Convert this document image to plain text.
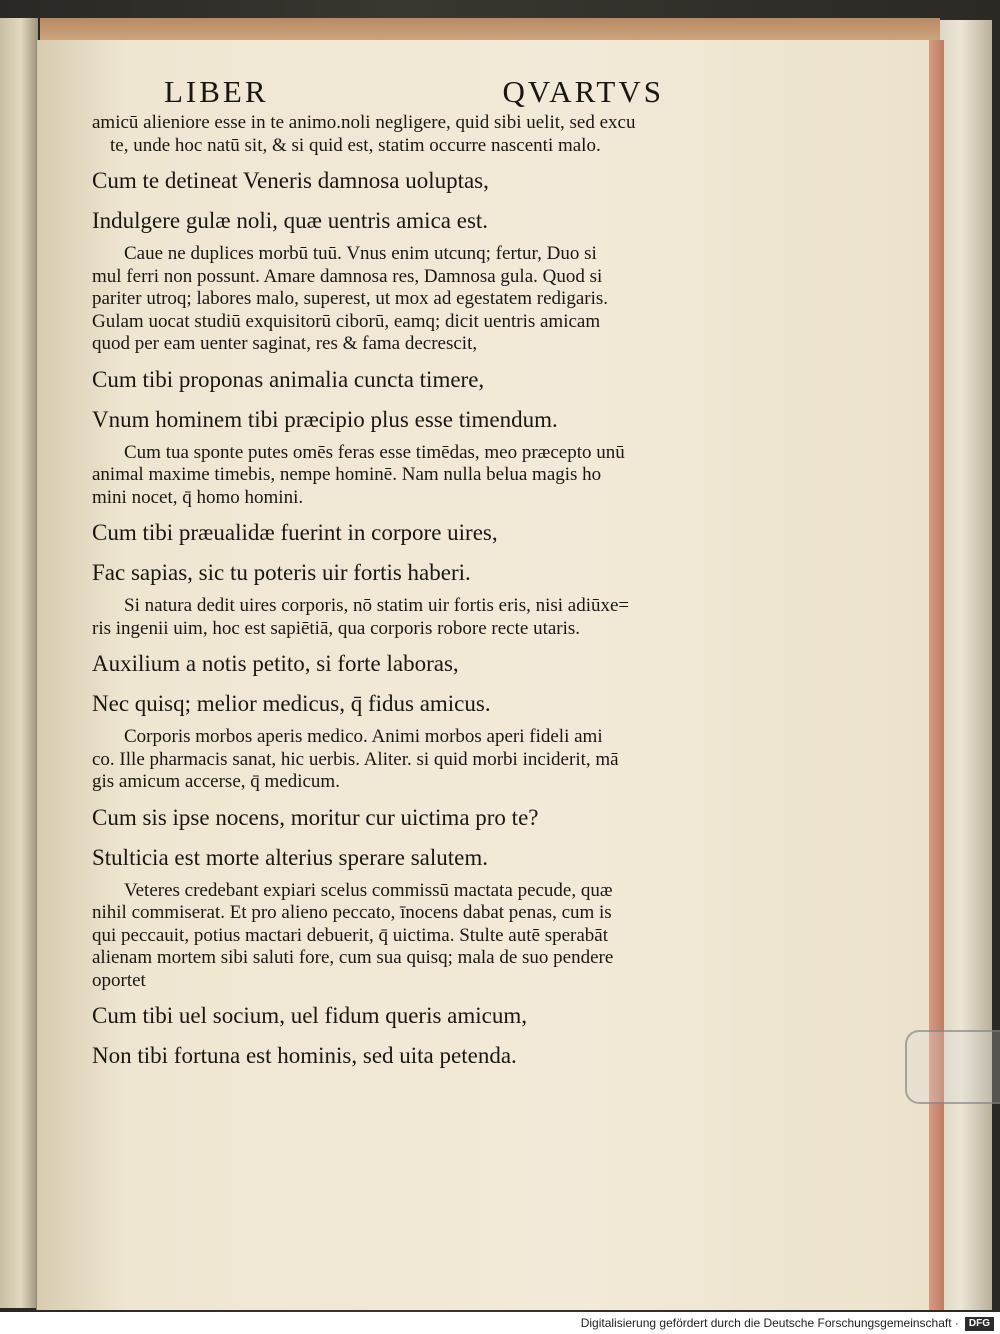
LIBER	QVARTVS

amicū alieniore esse in te animo.noli negligere, quid sibi uelit, sed excu

te, unde hoc natū sit, & si quid est, statim occurre nascenti malo.

Cum te detineat Veneris damnosa uoluptas,

Indulgere gulæ noli, quæ uentris amica est.

Caue ne duplices morbū tuū. Vnus enim utcunq; fertur, Duo si

mul ferri non possunt. Amare damnosa res, Damnosa gula. Quod si

pariter utroq; labores malo, superest, ut mox ad egestatem redigaris.

Gulam uocat studiū exquisitorū ciborū, eamq; dicit uentris amicam

quod per eam uenter saginat, res & fama decrescit,

Cum tibi proponas animalia cuncta timere,

Vnum hominem tibi præcipio plus esse timendum.

Cum tua sponte putes omēs feras esse timēdas, meo præcepto unū

animal maxime timebis, nempe hominē. Nam nulla belua magis ho

mini nocet, q̄ homo homini.

Cum tibi præualidæ fuerint in corpore uires,

Fac sapias, sic tu poteris uir fortis haberi.

Si natura dedit uires corporis, nō statim uir fortis eris, nisi adiūxe=

ris ingenii uim, hoc est sapiētiā, qua corporis robore recte utaris.

Auxilium a notis petito, si forte laboras,

Nec quisq; melior medicus, q̄ fidus amicus.

Corporis morbos aperis medico. Animi morbos aperi fideli ami

co. Ille pharmacis sanat, hic uerbis. Aliter. si quid morbi inciderit, mā

gis amicum accerse, q̄ medicum.

Cum sis ipse nocens, moritur cur uictima pro te?

Stulticia est morte alterius sperare salutem.

Veteres credebant expiari scelus commissū mactata pecude, quæ

nihil commiserat. Et pro alieno peccato, īnocens dabat penas, cum is

qui peccauit, potius mactari debuerit, q̄ uictima. Stulte autē sperabāt

alienam mortem sibi saluti fore, cum sua quisq; mala de suo pendere

oportet

Cum tibi uel socium, uel fidum queris amicum,

Non tibi fortuna est hominis, sed uita petenda.

Digitalisierung gefördert durch die Deutsche Forschungsgemeinschaft · DFG
